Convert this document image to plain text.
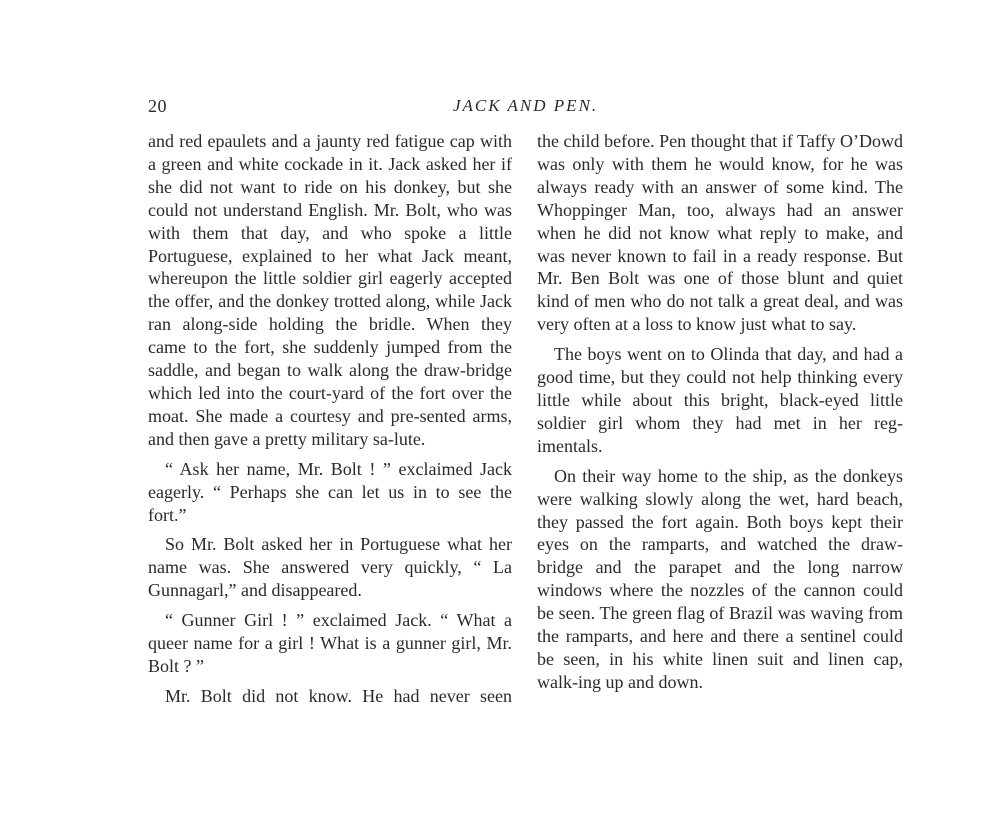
20	JACK AND PEN.

and red epaulets and a jaunty red fatigue cap with a green and white cockade in it. Jack asked her if she did not want to ride on his donkey, but she could not understand English. Mr. Bolt, who was with them that day, and who spoke a little Portuguese, explained to her what Jack meant, whereupon the little soldier girl eagerly accepted the offer, and the donkey trotted along, while Jack ran along-side holding the bridle. When they came to the fort, she suddenly jumped from the saddle, and began to walk along the draw-bridge which led into the court-yard of the fort over the moat. She made a courtesy and pre-sented arms, and then gave a pretty military sa-lute.

“ Ask her name, Mr. Bolt ! ” exclaimed Jack eagerly. “ Perhaps she can let us in to see the fort.”

So Mr. Bolt asked her in Portuguese what her name was. She answered very quickly, “ La Gunnagarl,” and disappeared.

“ Gunner Girl ! ” exclaimed Jack. “ What a queer name for a girl ! What is a gunner girl, Mr. Bolt ? ”

Mr. Bolt did not know. He had never seen

the child before. Pen thought that if Taffy O’Dowd was only with them he would know, for he was always ready with an answer of some kind. The Whoppinger Man, too, always had an answer when he did not know what reply to make, and was never known to fail in a ready response. But Mr. Ben Bolt was one of those blunt and quiet kind of men who do not talk a great deal, and was very often at a loss to know just what to say.

The boys went on to Olinda that day, and had a good time, but they could not help thinking every little while about this bright, black-eyed little soldier girl whom they had met in her reg-imentals.

On their way home to the ship, as the donkeys were walking slowly along the wet, hard beach, they passed the fort again. Both boys kept their eyes on the ramparts, and watched the draw-bridge and the parapet and the long narrow windows where the nozzles of the cannon could be seen. The green flag of Brazil was waving from the ramparts, and here and there a sentinel could be seen, in his white linen suit and linen cap, walk-ing up and down.
